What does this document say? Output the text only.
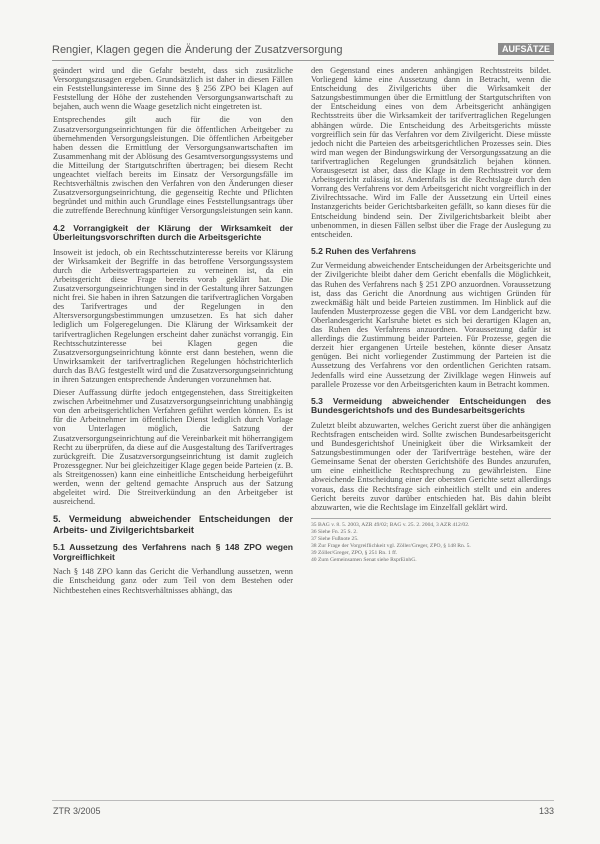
Rengier, Klagen gegen die Änderung der Zusatzversorgung	AUFSÄTZE

geändert wird und die Gefahr besteht, dass sich zusätzliche Versorgungszusagen ergeben. Grundsätzlich ist daher in diesen Fällen ein Feststellungsinteresse im Sinne des § 256 ZPO bei Klagen auf Feststellung der Höhe der zustehenden Versorgungsanwartschaft zu bejahen, auch wenn die Waage gesetzlich nicht eingetreten ist.

Entsprechendes gilt auch für die von den Zusatzversorgungseinrichtungen für die öffentlichen Arbeitgeber zu übernehmenden Versorgungsleistungen. Die öffentlichen Arbeitgeber haben dessen die Ermittlung der Versorgungsanwartschaften im Zusammenhang mit der Ablösung des Gesamtversorgungssystems und die Mitteilung der Startgutschriften übertragen; bei diesem Recht ungeachtet vielfach bereits im Einsatz der Versorgungsfälle im Rechtsverhältnis zwischen den Verfahren von den Änderungen dieser Zusatzversorgungseinrichtung, die gegenseitig Rechte und Pflichten begründet und mithin auch Grundlage eines Feststellungsantrags über die zutreffende Berechnung künftiger Versorgungsleistungen sein kann.

4.2 Vorrangigkeit der Klärung der Wirksamkeit der Überleitungsvorschriften durch die Arbeitsgerichte

Insoweit ist jedoch, ob ein Rechtsschutzinteresse bereits vor Klärung der Wirksamkeit der Begriffe in das betroffene Versorgungssystem durch die Arbeitsvertragsparteien zu verneinen ist, da ein Arbeitsgericht diese Frage bereits vorab geklärt hat. Die Zusatzversorgungseinrichtungen sind in der Gestaltung ihrer Satzungen nicht frei. Sie haben in ihren Satzungen die tarifvertraglichen Vorgaben des Tarifvertrages und der Regelungen in den Altersversorgungsbestimmungen umzusetzen. Es hat sich daher lediglich um Folgeregelungen. Die Klärung der Wirksamkeit der tarifvertraglichen Regelungen erscheint daher zunächst vorrangig. Ein Rechtsschutzinteresse bei Klagen gegen die Zusatzversorgungseinrichtung könnte erst dann bestehen, wenn die Unwirksamkeit der tarifvertraglichen Regelungen höchstrichterlich durch das BAG festgestellt wird und die Zusatzversorgungseinrichtung in ihren Satzungen entsprechende Änderungen vorzunehmen hat.

Dieser Auffassung dürfte jedoch entgegenstehen, dass Streitigkeiten zwischen Arbeitnehmer und Zusatzversorgungseinrichtung unabhängig von den arbeitsgerichtlichen Verfahren geführt werden können. Es ist für die Arbeitnehmer im öffentlichen Dienst lediglich durch Vorlage von Unterlagen möglich, die Satzung der Zusatzversorgungseinrichtung auf die Vereinbarkeit mit höherrangigem Recht zu überprüfen, da diese auf die Ausgestaltung des Tarifvertrages zurückgreift. Die Zusatzversorgungseinrichtung ist damit zugleich Prozessgegner. Nur bei gleichzeitiger Klage gegen beide Parteien (z. B. als Streitgenossen) kann eine einheitliche Entscheidung herbeigeführt werden, wenn der geltend gemachte Anspruch aus der Satzung abgeleitet wird. Die Streitverkündung an den Arbeitgeber ist ausreichend.

5. Vermeidung abweichender Entscheidungen der Arbeits- und Zivilgerichtsbarkeit
5.1 Aussetzung des Verfahrens nach § 148 ZPO wegen Vorgreiflichkeit

Nach § 148 ZPO kann das Gericht die Verhandlung aussetzen, wenn die Entscheidung ganz oder zum Teil von dem Bestehen oder Nichtbestehen eines Rechtsverhältnisses abhängt, das

den Gegenstand eines anderen anhängigen Rechtsstreits bildet. Vorliegend käme eine Aussetzung dann in Betracht, wenn die Entscheidung des Zivilgerichts über die Wirksamkeit der Satzungsbestimmungen über die Ermittlung der Startgutschriften von der Entscheidung eines von dem Arbeitsgericht anhängigen Rechtsstreits über die Wirksamkeit der tarifvertraglichen Regelungen abhängen würde. Die Entscheidung des Arbeitsgerichts müsste vorgreiflich sein für das Verfahren vor dem Zivilgericht. Diese müsste jedoch nicht die Parteien des arbeitsgerichtlichen Prozesses sein. Dies wird man wegen der Bindungswirkung der Versorgungssatzung an die tarifvertraglichen Regelungen grundsätzlich bejahen können. Vorausgesetzt ist aber, dass die Klage in dem Rechtsstreit vor dem Arbeitsgericht zulässig ist. Andernfalls ist die Rechtslage durch den Vorrang des Verfahrens vor dem Arbeitsgericht nicht vorgreiflich in der Zivilrechtssache. Wird im Falle der Aussetzung ein Urteil eines Instanzgerichts beider Gerichtsbarkeiten gefällt, so kann dieses für die Entscheidung bindend sein. Der Zivilgerichtsbarkeit bleibt aber unbenommen, in diesen Fällen selbst über die Frage der Auslegung zu entscheiden.

5.2 Ruhen des Verfahrens

Zur Vermeidung abweichender Entscheidungen der Arbeitsgerichte und der Zivilgerichte bleibt daher dem Gericht ebenfalls die Möglichkeit, das Ruhen des Verfahrens nach § 251 ZPO anzuordnen. Voraussetzung ist, dass das Gericht die Anordnung aus wichtigen Gründen für zweckmäßig hält und beide Parteien zustimmen. Im Hinblick auf die laufenden Musterprozesse gegen die VBL vor dem Landgericht bzw. Oberlandesgericht Karlsruhe bietet es sich bei derartigen Klagen an, das Ruhen des Verfahrens anzuordnen. Voraussetzung dafür ist allerdings die Zustimmung beider Parteien. Für Prozesse, gegen die derzeit hier ergangenen Urteile bestehen, könnte dieser Ansatz genügen. Bei nicht vorliegender Zustimmung der Parteien ist die Aussetzung des Verfahrens vor den ordentlichen Gerichten ratsam. Jedenfalls wird eine Aussetzung der Zivilklage wegen Hinweis auf parallele Prozesse vor den Arbeitsgerichten kaum in Betracht kommen.

5.3 Vermeidung abweichender Entscheidungen des Bundesgerichtshofs und des Bundesarbeitsgerichts

Zuletzt bleibt abzuwarten, welches Gericht zuerst über die anhängigen Rechtsfragen entscheiden wird. Sollte zwischen Bundesarbeitsgericht und Bundesgerichtshof Uneinigkeit über die Wirksamkeit der Satzungsbestimmungen oder der Tarifverträge bestehen, wäre der Gemeinsame Senat der obersten Gerichtshöfe des Bundes anzurufen, um eine einheitliche Rechtsprechung zu gewährleisten. Eine abweichende Entscheidung einer der obersten Gerichte setzt allerdings voraus, dass die Rechtsfrage sich einheitlich stellt und ein anderes Gericht bereits zuvor darüber entschieden hat. Bis dahin bleibt abzuwarten, wie die Rechtslage im Einzelfall geklärt wird.

35 BAG v. 8. 5. 2003, AZR 49/02; BAG v. 25. 2. 2004, 3 AZR 412/02.
36 Siehe Fn. 25 S. 2.
37 Siehe Fußnote 25.
38 Zur Frage der Vorgreiflichkeit vgl. Zöller/Greger, ZPO, § 148 Rn. 5.
39 Zöller/Greger, ZPO, § 251 Rn. 1 ff.
40 Zum Gemeinsamen Senat siehe RsprEinhG.
ZTR 3/2005	133
